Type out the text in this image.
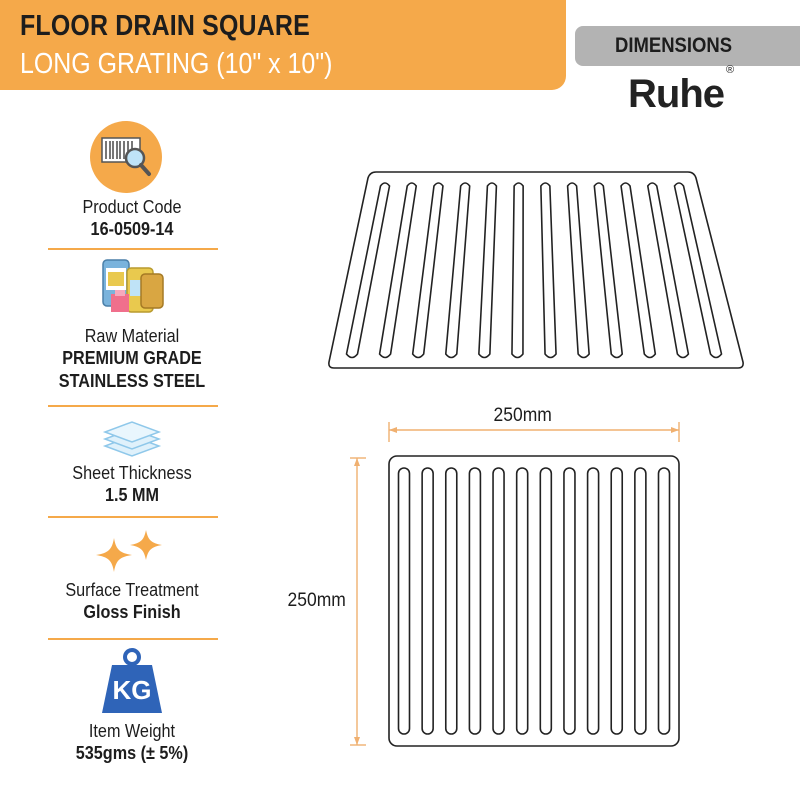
FLOOR DRAIN SQUARE
LONG GRATING (10" x 10")
DIMENSIONS
Ruhe®
Product Code
16-0509-14
Raw Material
PREMIUM GRADE
STAINLESS STEEL
Sheet Thickness
1.5 MM
Surface Treatment
Gloss Finish
KG
Item Weight
535gms (± 5%)
250mm
250mm
